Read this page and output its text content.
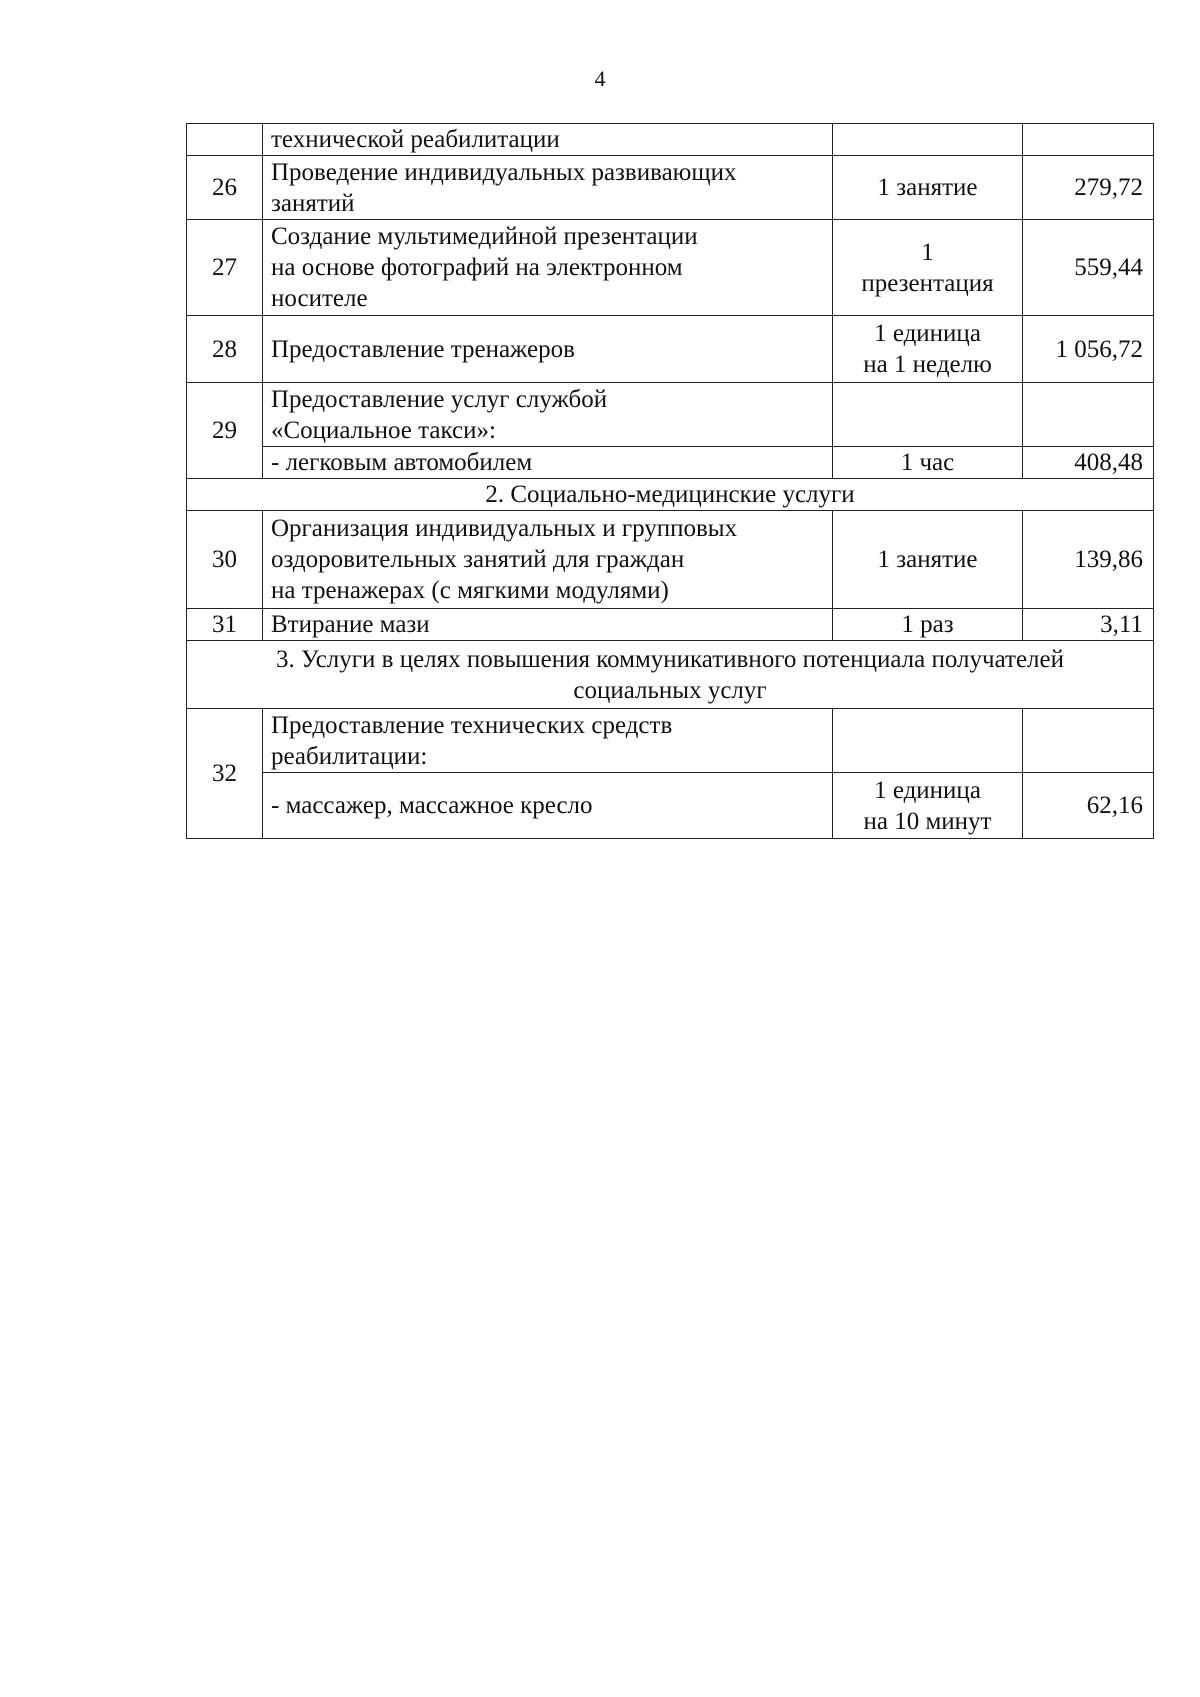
4

	технической реабилитации		

26	Проведение индивидуальных развивающих
занятий	1 занятие	279,72
27	Создание мультимедийной презентации
на основе фотографий на электронном
носителе	1
презентация	559,44
28	Предоставление тренажеров	1 единица
на 1 неделю	1 056,72
29	Предоставление услуг службой
«Социальное такси»:		

	- легковым автомобилем	1 час	408,48

2. Социально-медицинские услуги			

30	Организация индивидуальных и групповых
оздоровительных занятий для граждан
на тренажерах (с мягкими модулями)	1 занятие	139,86
31	Втирание мази	1 раз	3,11

3. Услуги в целях повышения коммуникативного потенциала получателей
социальных услуг			

32	Предоставление технических средств
реабилитации:		

	- массажер, массажное кресло	1 единица
на 10 минут	62,16
